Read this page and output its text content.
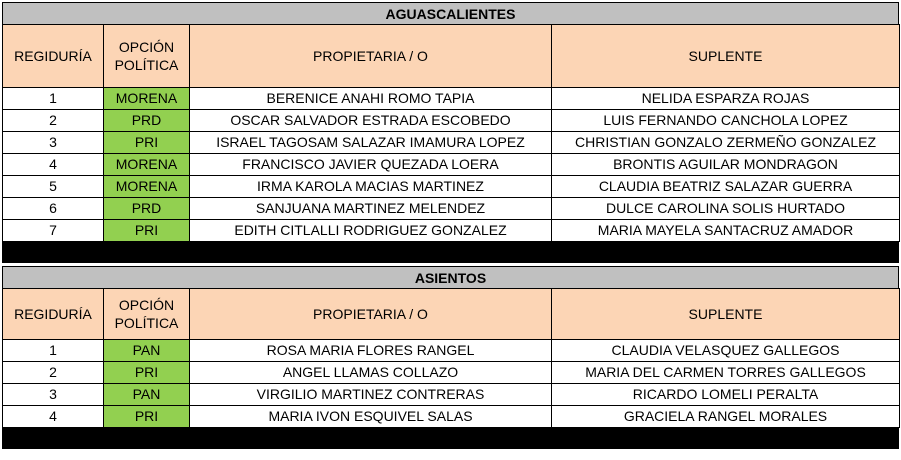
AGUASCALIENTES
REGIDURÍA	OPCIÓN POLÍTICA	PROPIETARIA / O	SUPLENTE
1	MORENA	BERENICE ANAHI ROMO TAPIA	NELIDA ESPARZA ROJAS
2	PRD	OSCAR SALVADOR ESTRADA ESCOBEDO	LUIS FERNANDO CANCHOLA LOPEZ
3	PRI	ISRAEL TAGOSAM SALAZAR IMAMURA LOPEZ	CHRISTIAN GONZALO ZERMEÑO GONZALEZ
4	MORENA	FRANCISCO JAVIER QUEZADA LOERA	BRONTIS AGUILAR MONDRAGON
5	MORENA	IRMA KAROLA MACIAS MARTINEZ	CLAUDIA BEATRIZ SALAZAR GUERRA
6	PRD	SANJUANA MARTINEZ MELENDEZ	DULCE CAROLINA SOLIS HURTADO
7	PRI	EDITH CITLALLI RODRIGUEZ GONZALEZ	MARIA MAYELA SANTACRUZ AMADOR
ASIENTOS
REGIDURÍA	OPCIÓN POLÍTICA	PROPIETARIA / O	SUPLENTE
1	PAN	ROSA MARIA FLORES RANGEL	CLAUDIA VELASQUEZ GALLEGOS
2	PRI	ANGEL LLAMAS COLLAZO	MARIA DEL CARMEN TORRES GALLEGOS
3	PAN	VIRGILIO MARTINEZ CONTRERAS	RICARDO LOMELI PERALTA
4	PRI	MARIA IVON ESQUIVEL SALAS	GRACIELA RANGEL MORALES
